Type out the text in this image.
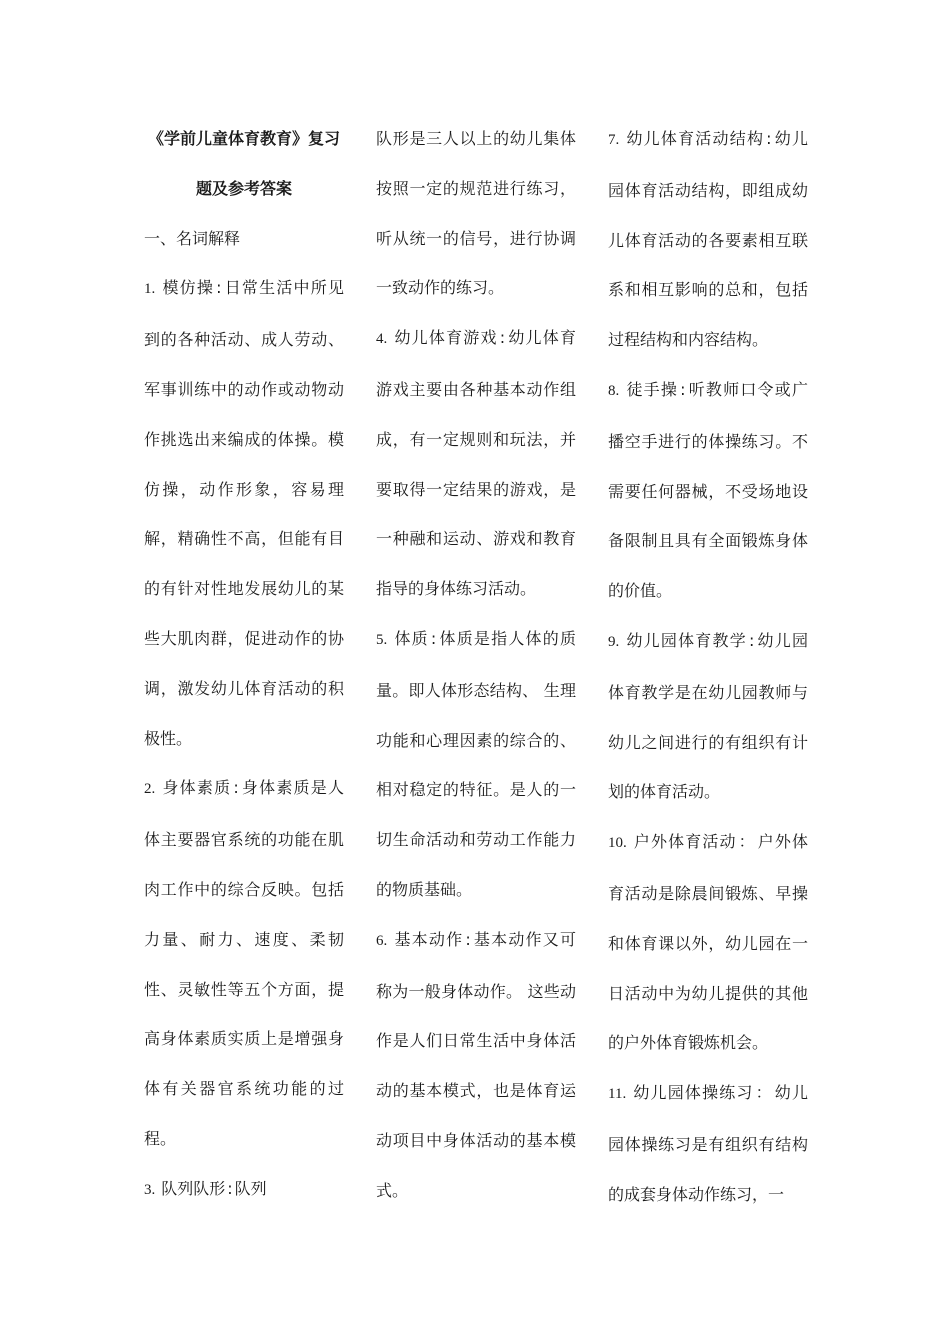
《学前儿童体育教育》复习题及参考答案

一、名词解释

1. 模仿操 : 日常生活中所见到的各种活动、成人劳动、军事训练中的动作或动物动作挑选出来编成的体操。模仿操，动作形象，容易理解，精确性不高，但能有目的有针对性地发展幼儿的某些大肌肉群，促进动作的协调，激发幼儿体育活动的积极性。

2. 身体素质 : 身体素质是人体主要器官系统的功能在肌肉工作中的综合反映。包括力量、耐力、速度、柔韧性、灵敏性等五个方面，提高身体素质实质上是增强身体有关器官系统功能的过程。

3. 队列队形 : 队列

队形是三人以上的幼儿集体按照一定的规范进行练习，听从统一的信号，进行协调一致动作的练习。

4. 幼儿体育游戏 : 幼儿体育游戏主要由各种基本动作组成，有一定规则和玩法，并要取得一定结果的游戏，是一种融和运动、游戏和教育指导的身体练习活动。

5. 体质 : 体质是指人体的质量。即人体形态结构、 生理功能和心理因素的综合的、相对稳定的特征。是人的一切生命活动和劳动工作能力的物质基础。

6. 基本动作 : 基本动作又可称为一般身体动作。 这些动作是人们日常生活中身体活动的基本模式，也是体育运动项目中身体活动的基本模式。

7. 幼儿体育活动结构 : 幼儿园体育活动结构，即组成幼儿体育活动的各要素相互联系和相互影响的总和，包括过程结构和内容结构。

8. 徒手操 : 听教师口令或广播空手进行的体操练习。不需要任何器械，不受场地设备限制且具有全面锻炼身体的价值。

9. 幼儿园体育教学 : 幼儿园体育教学是在幼儿园教师与幼儿之间进行的有组织有计划的体育活动。

10. 户外体育活动 ： 户外体育活动是除晨间锻炼、早操和体育课以外，幼儿园在一日活动中为幼儿提供的其他的户外体育锻炼机会。

11. 幼儿园体操练习 ： 幼儿园体操练习是有组织有结构的成套身体动作练习，一
